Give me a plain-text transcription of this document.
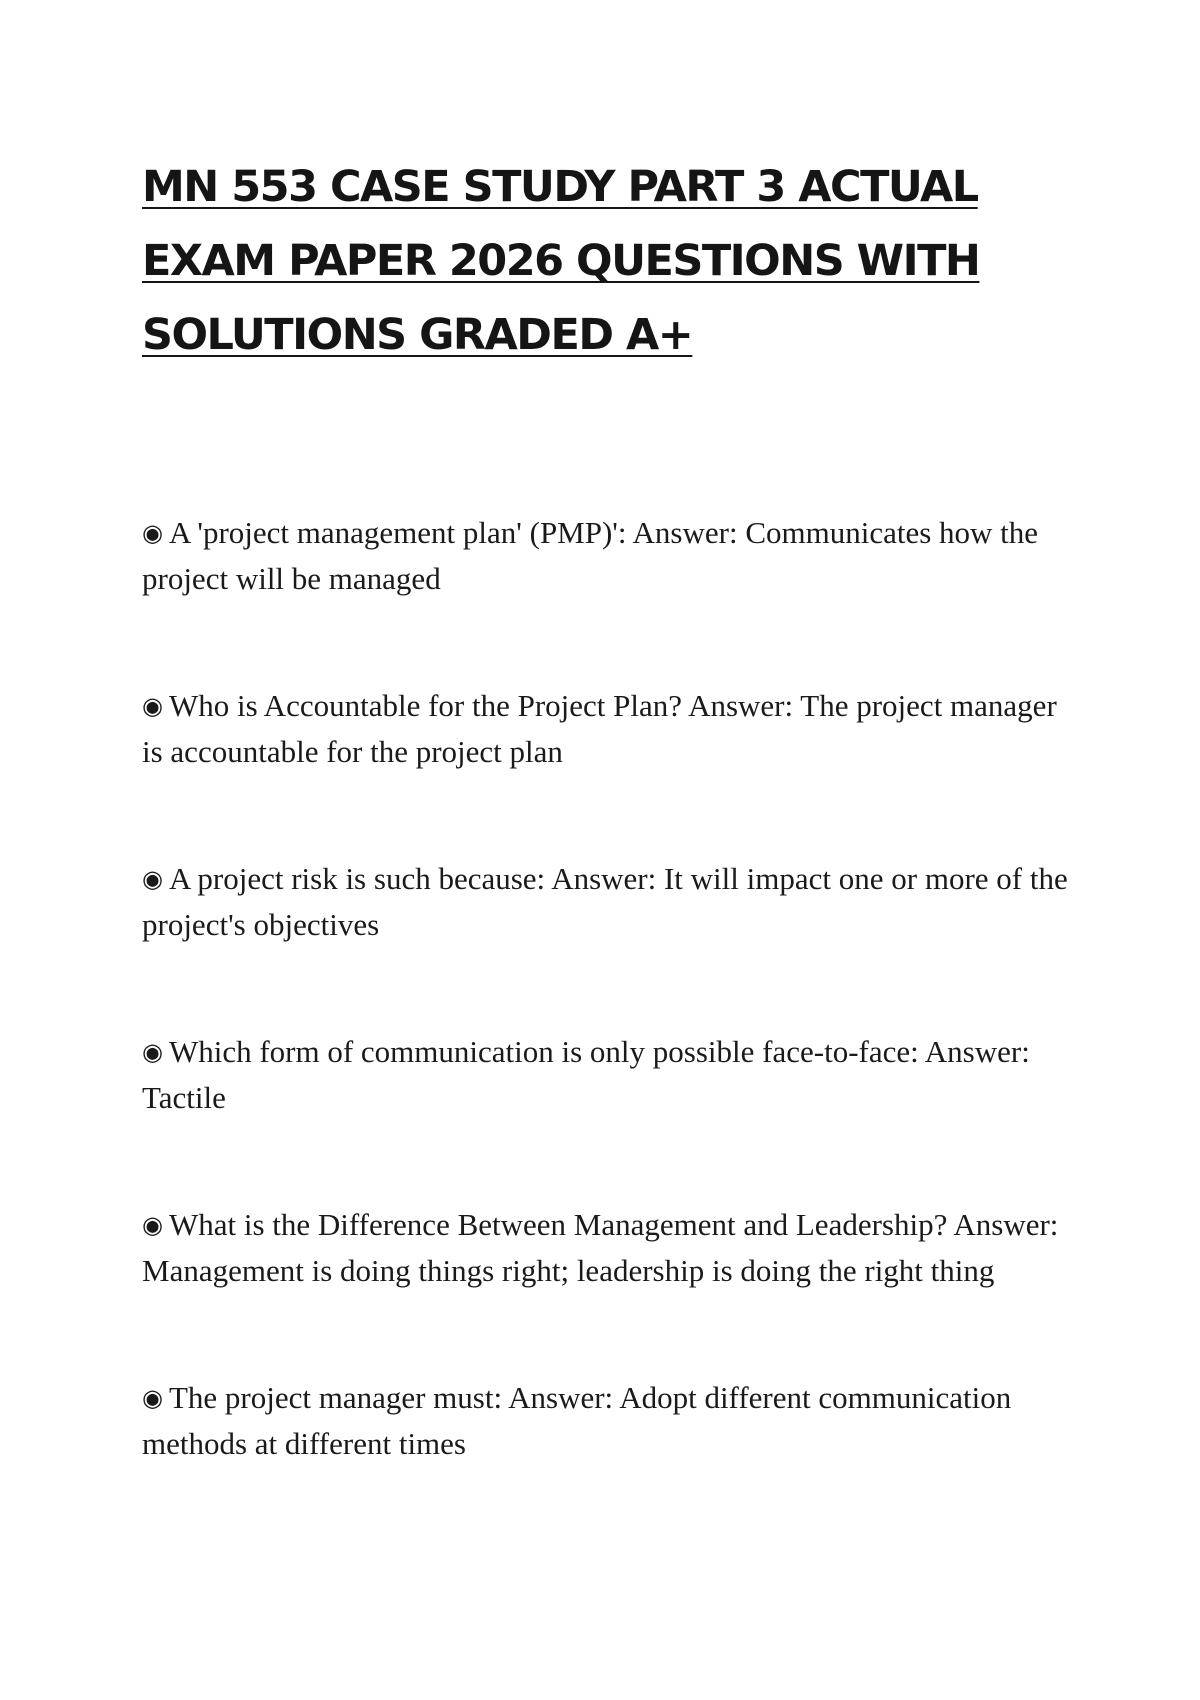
MN 553 CASE STUDY PART 3 ACTUAL EXAM PAPER 2026 QUESTIONS WITH SOLUTIONS GRADED A+
◉ A 'project management plan' (PMP)': Answer: Communicates how the project will be managed
◉ Who is Accountable for the Project Plan? Answer: The project manager is accountable for the project plan
◉ A project risk is such because: Answer: It will impact one or more of the project's objectives
◉ Which form of communication is only possible face-to-face: Answer: Tactile
◉ What is the Difference Between Management and Leadership? Answer: Management is doing things right; leadership is doing the right thing
◉ The project manager must: Answer: Adopt different communication methods at different times
